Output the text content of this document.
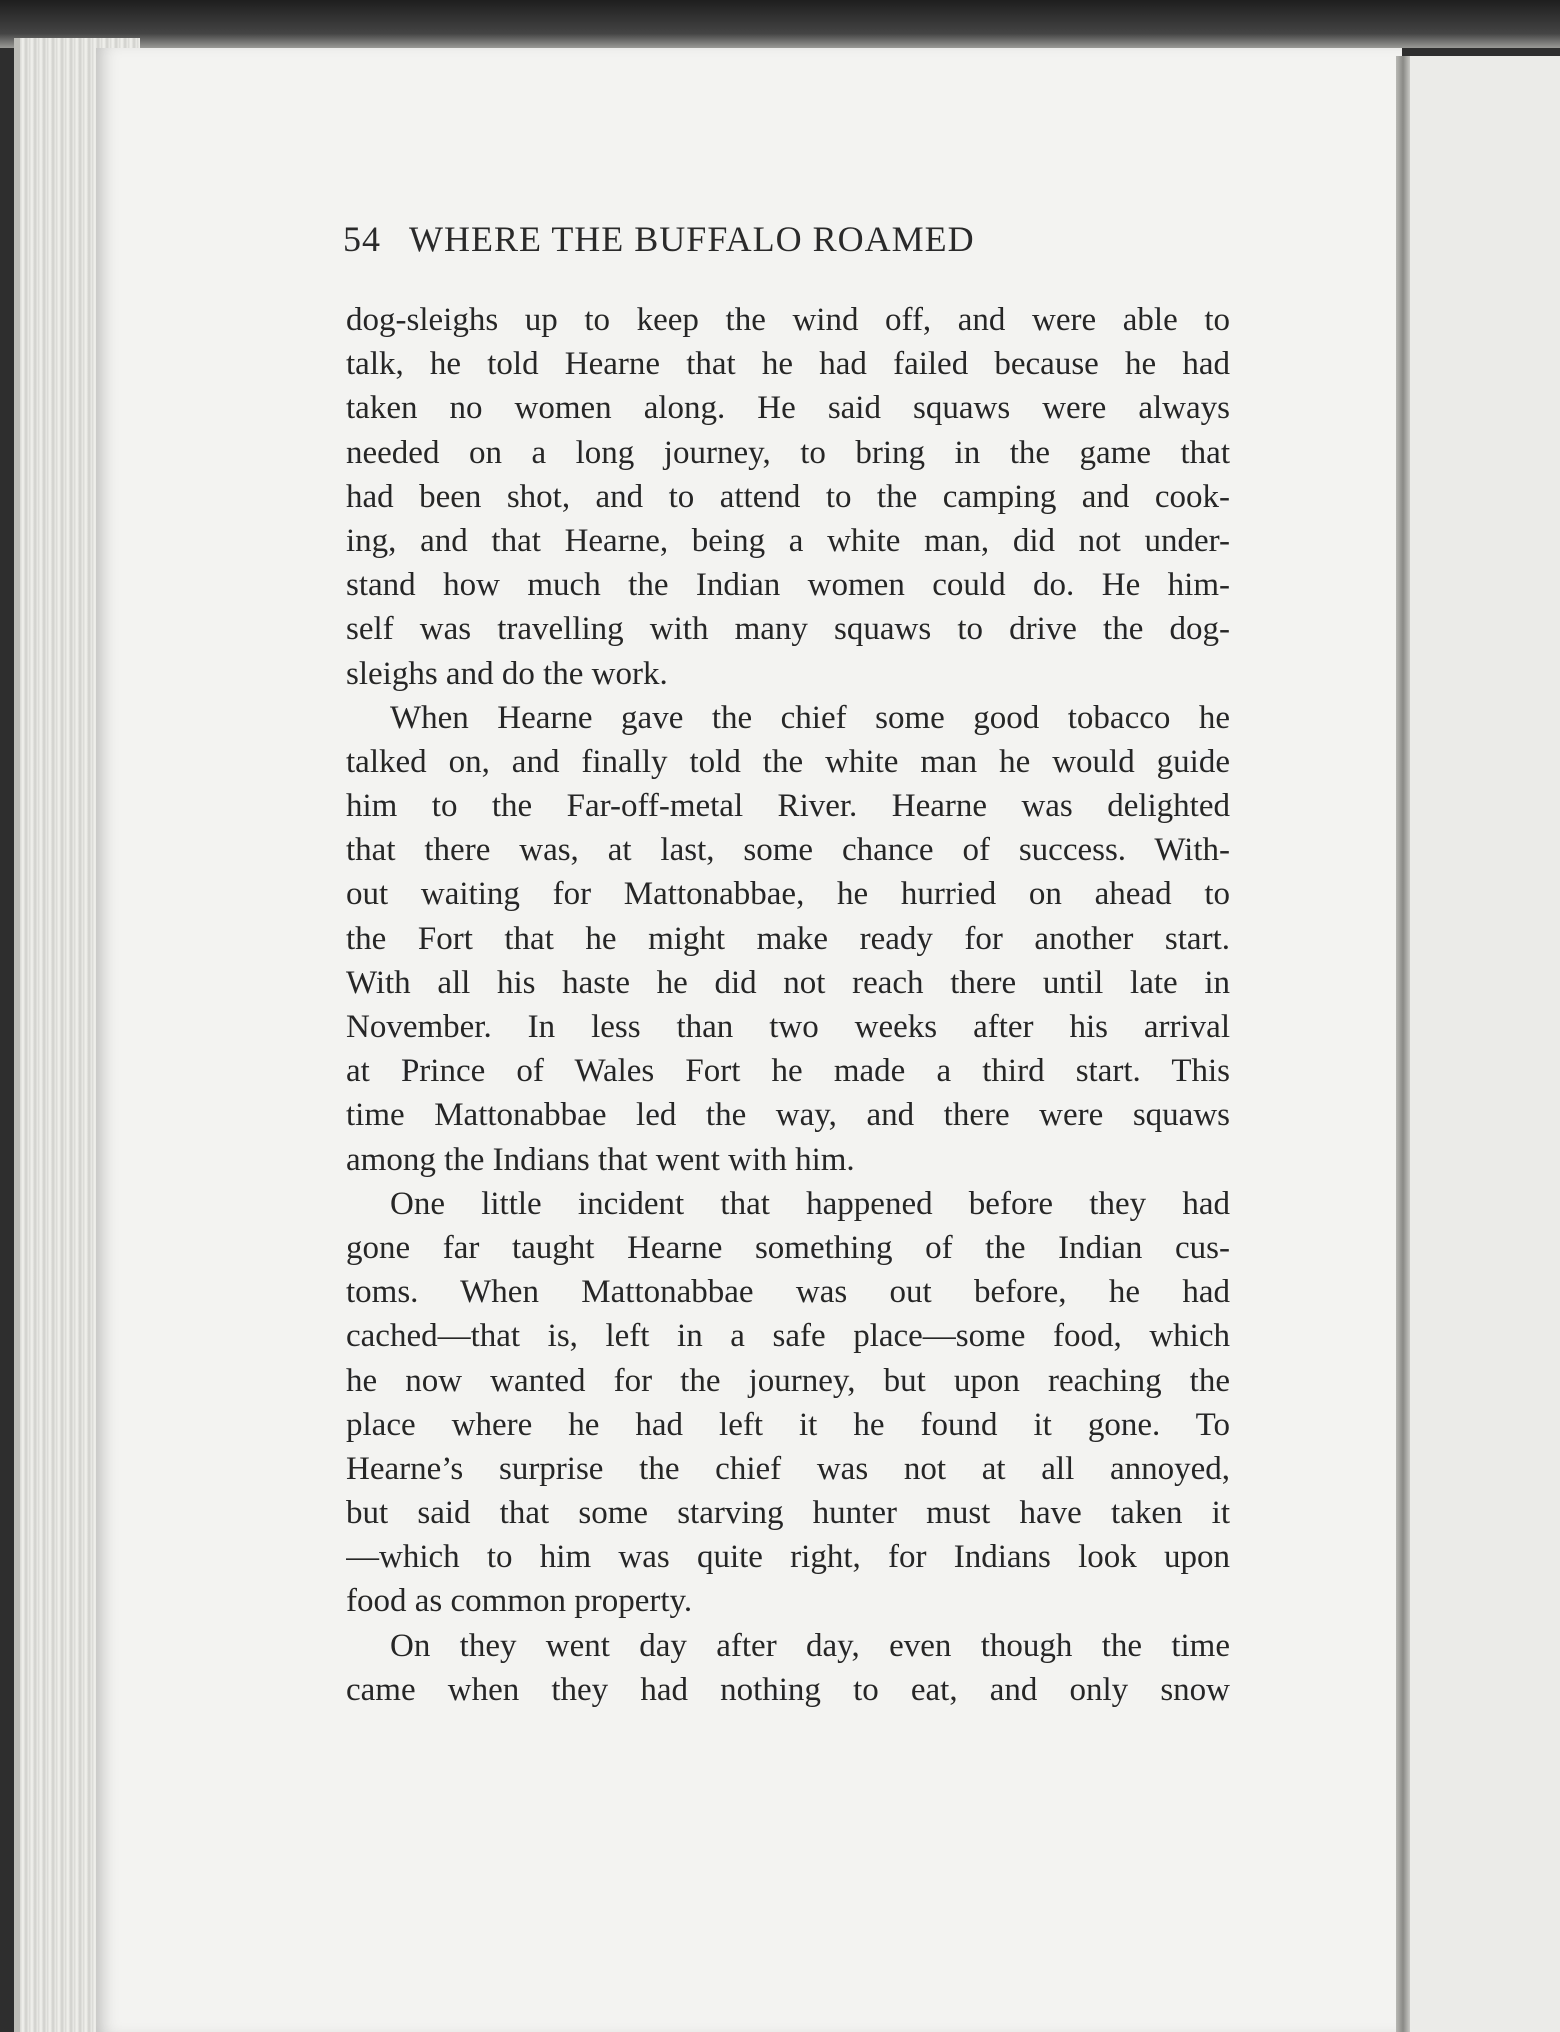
54 WHERE THE BUFFALO ROAMED
dog-sleighs up to keep the wind off, and were able to
talk, he told Hearne that he had failed because he had
taken no women along. He said squaws were always
needed on a long journey, to bring in the game that
had been shot, and to attend to the camping and cook-
ing, and that Hearne, being a white man, did not under-
stand how much the Indian women could do. He him-
self was travelling with many squaws to drive the dog-
sleighs and do the work.
When Hearne gave the chief some good tobacco he
talked on, and finally told the white man he would guide
him to the Far-off-metal River. Hearne was delighted
that there was, at last, some chance of success. With-
out waiting for Mattonabbae, he hurried on ahead to
the Fort that he might make ready for another start.
With all his haste he did not reach there until late in
November. In less than two weeks after his arrival
at Prince of Wales Fort he made a third start. This
time Mattonabbae led the way, and there were squaws
among the Indians that went with him.
One little incident that happened before they had
gone far taught Hearne something of the Indian cus-
toms. When Mattonabbae was out before, he had
cached—that is, left in a safe place—some food, which
he now wanted for the journey, but upon reaching the
place where he had left it he found it gone. To
Hearne’s surprise the chief was not at all annoyed,
but said that some starving hunter must have taken it
—which to him was quite right, for Indians look upon
food as common property.
On they went day after day, even though the time
came when they had nothing to eat, and only snow
